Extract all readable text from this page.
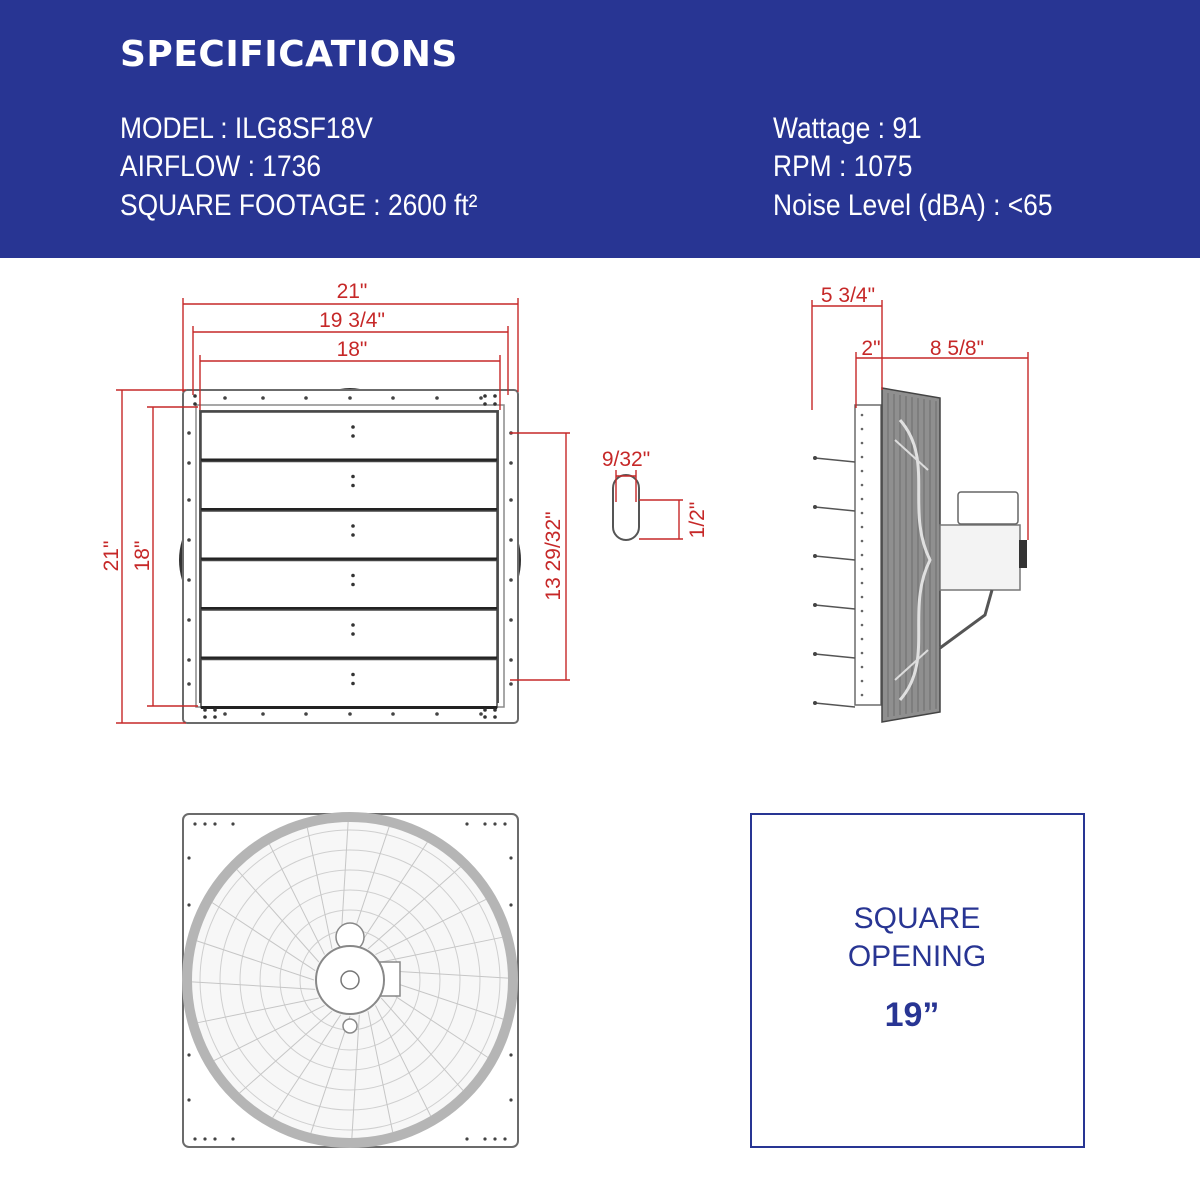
SPECIFICATIONS
MODEL : ILG8SF18V
AIRFLOW : 1736
SQUARE FOOTAGE : 2600 ft²
Wattage : 91
RPM : 1075
Noise Level (dBA) : <65
21"
19 3/4"
18"
21" 18"	13 29/32"
9/32"
1/2"
5 3/4"
2" 8 5/8"
SQUARE
OPENING
19”
